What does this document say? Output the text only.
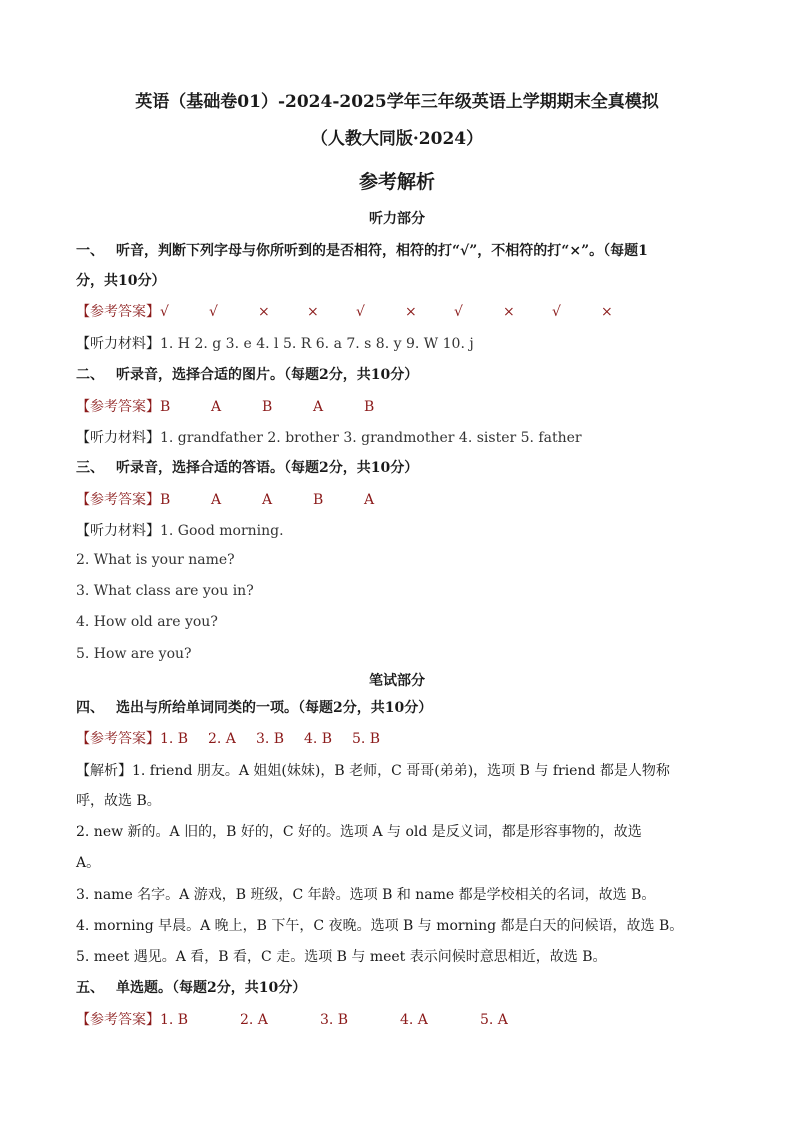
英语（基础卷01）-2024-2025学年三年级英语上学期期末全真模拟
（人教大同版·2024）
参考解析
听力部分
一、 听音，判断下列字母与你所听到的是否相符，相符的打“√”，不相符的打“×”。（每题1
分，共10分）
【参考答案】√	√	×	×	√	×	√	×	√	×
【听力材料】1. H 2. g 3. e 4. l 5. R 6. a 7. s 8. y 9. W 10. j
二、 听录音，选择合适的图片。（每题2分，共10分）
【参考答案】B	A	B	A	B
【听力材料】1. grandfather 2. brother 3. grandmother 4. sister 5. father
三、 听录音，选择合适的答语。（每题2分，共10分）
【参考答案】B	A	A	B	A
【听力材料】1. Good morning.
2. What is your name?
3. What class are you in?
4. How old are you?
5. How are you?
笔试部分
四、 选出与所给单词同类的一项。（每题2分，共10分）
【参考答案】1. B 2. A 3. B 4. B 5. B
【解析】1. friend 朋友。A 姐姐(妹妹)，B 老师，C 哥哥(弟弟)，选项 B 与 friend 都是人物称
呼，故选 B。
2. new 新的。A 旧的，B 好的，C 好的。选项 A 与 old 是反义词，都是形容事物的，故选
A。
3. name 名字。A 游戏，B 班级，C 年龄。选项 B 和 name 都是学校相关的名词，故选 B。
4. morning 早晨。A 晚上，B 下午，C 夜晚。选项 B 与 morning 都是白天的问候语，故选 B。
5. meet 遇见。A 看，B 看，C 走。选项 B 与 meet 表示问候时意思相近，故选 B。
五、 单选题。（每题2分，共10分）
【参考答案】1. B	2. A	3. B	4. A	5. A
